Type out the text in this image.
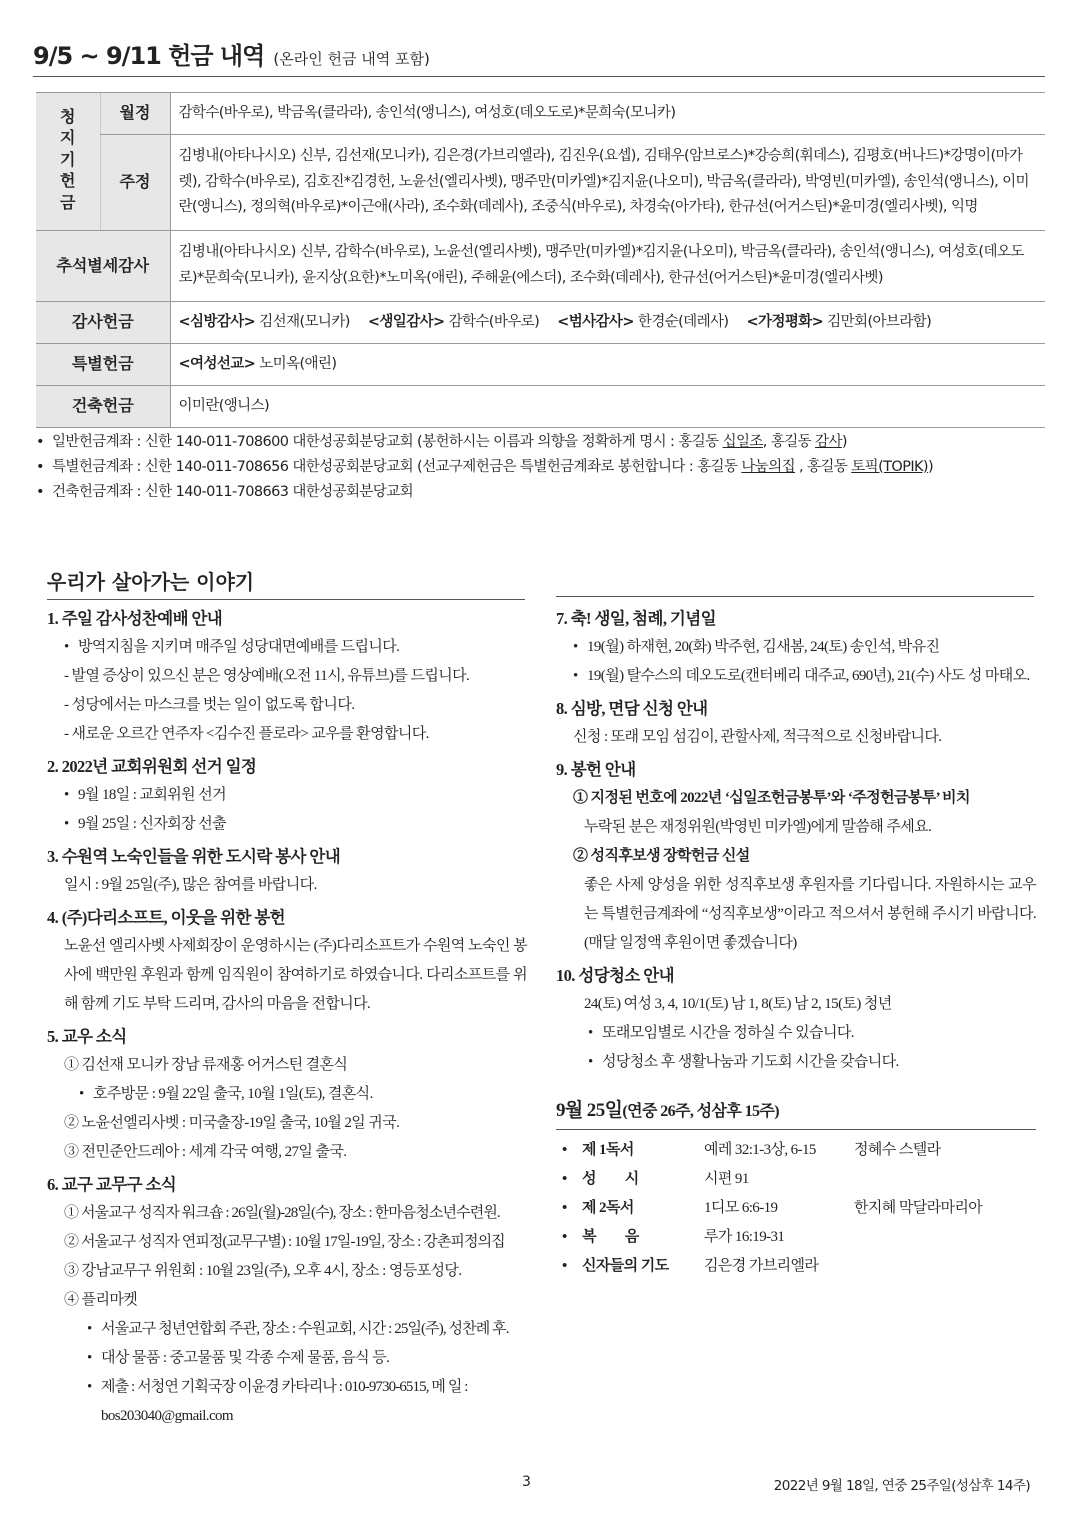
9/5 ~ 9/11 헌금 내역 (온라인 헌금 내역 포함)
청지기헌금	월정	감학수(바우로), 박금옥(클라라), 송인석(앵니스), 여성호(데오도로)*문희숙(모니카)
	주정	김병내(아타나시오) 신부, 김선재(모니카), 김은경(가브리엘라), 김진우(요셉), 김태우(암브로스)*강승희(휘데스), 김평호(버나드)*강명이(마가렛), 감학수(바우로), 김호진*김경헌, 노윤선(엘리사벳), 맹주만(미카엘)*김지윤(나오미), 박금옥(클라라), 박영빈(미카엘), 송인석(앵니스), 이미란(앵니스), 정의혁(바우로)*이근애(사라), 조수화(데레사), 조중식(바우로), 차경숙(아가타), 한규선(어거스틴)*윤미경(엘리사벳), 익명
추석별세감사		김병내(아타나시오) 신부, 감학수(바우로), 노윤선(엘리사벳), 맹주만(미카엘)*김지윤(나오미), 박금옥(클라라), 송인석(앵니스), 여성호(데오도로)*문희숙(모니카), 윤지상(요한)*노미옥(애린), 주해윤(에스더), 조수화(데레사), 한규선(어거스틴)*윤미경(엘리사벳)
감사헌금		<심방감사> 김선재(모니카) <생일감사> 감학수(바우로) <범사감사> 한경순(데레사) <가정평화> 김만회(아브라함)
특별헌금		<여성선교> 노미옥(애린)
건축헌금		이미란(앵니스)
• 일반헌금계좌 : 신한 140-011-708600 대한성공회분당교회 (봉헌하시는 이름과 의향을 정확하게 명시 : 홍길동 십일조, 홍길동 감사)
• 특별헌금계좌 : 신한 140-011-708656 대한성공회분당교회 (선교구제헌금은 특별헌금계좌로 봉헌합니다 : 홍길동 나눔의집 , 홍길동 토픽(TOPIK))
• 건축헌금계좌 : 신한 140-011-708663 대한성공회분당교회
우리가 살아가는 이야기
1. 주일 감사성찬예배 안내
• 방역지침을 지키며 매주일 성당대면예배를 드립니다.
- 발열 증상이 있으신 분은 영상예배(오전 11시, 유튜브)를 드립니다.
- 성당에서는 마스크를 벗는 일이 없도록 합니다.
- 새로운 오르간 연주자 <김수진 플로라> 교우를 환영합니다.
2. 2022년 교회위원회 선거 일정
• 9월 18일 : 교회위원 선거
• 9월 25일 : 신자회장 선출
3. 수원역 노숙인들을 위한 도시락 봉사 안내
일시 : 9월 25일(주), 많은 참여를 바랍니다.
4. (주)다리소프트, 이웃을 위한 봉헌
노윤선 엘리사벳 사제회장이 운영하시는 (주)다리소프트가 수원역 노숙인 봉사에 백만원 후원과 함께 임직원이 참여하기로 하였습니다. 다리소프트를 위해 함께 기도 부탁 드리며, 감사의 마음을 전합니다.
5. 교우 소식
① 김선재 모니카 장남 류재홍 어거스틴 결혼식
• 호주방문 : 9월 22일 출국, 10월 1일(토), 결혼식.
② 노윤선엘리사벳 : 미국출장-19일 출국, 10월 2일 귀국.
③ 전민준안드레아 : 세계 각국 여행, 27일 출국.
6. 교구 교무구 소식
① 서울교구 성직자 워크숍 : 26일(월)-28일(수), 장소 : 한마음청소년수련원.
② 서울교구 성직자 연피정(교무구별) : 10월 17일-19일, 장소 : 강촌피정의집
③ 강남교무구 위원회 : 10월 23일(주), 오후 4시, 장소 : 영등포성당.
④ 플리마켓
• 서울교구 청년연합회 주관, 장소 : 수원교회, 시간 : 25일(주), 성찬례 후.
• 대상 물품 : 중고물품 및 각종 수제 물품, 음식 등.
• 제출 : 서청연 기획국장 이윤경 카타리나 : 010-9730-6515, 메 일 :
bos203040@gmail.com
7. 축! 생일, 첨례, 기념일
• 19(월) 하재현, 20(화) 박주현, 김새봄, 24(토) 송인석, 박유진
• 19(월) 탈수스의 데오도로(캔터베리 대주교, 690년), 21(수) 사도 성 마태오.
8. 심방, 면담 신청 안내
신청 : 또래 모임 섬김이, 관할사제, 적극적으로 신청바랍니다.
9. 봉헌 안내
① 지정된 번호에 2022년 ‘십일조헌금봉투’와 ‘주정헌금봉투’ 비치
누락된 분은 재정위원(박영빈 미카엘)에게 말씀해 주세요.
② 성직후보생 장학헌금 신설
좋은 사제 양성을 위한 성직후보생 후원자를 기다립니다. 자원하시는 교우는 특별헌금계좌에 “성직후보생”이라고 적으셔서 봉헌해 주시기 바랍니다. (매달 일정액 후원이면 좋겠습니다)
10. 성당청소 안내
24(토) 여성 3, 4, 10/1(토) 남 1, 8(토) 남 2, 15(토) 청년
• 또래모임별로 시간을 정하실 수 있습니다.
• 성당청소 후 생활나눔과 기도회 시간을 갖습니다.
9월 25일(연중 26주, 성삼후 15주)
• 제 1독서	예레 32:1-3상, 6-15	정혜수 스텔라
• 성　　시	시편 91
• 제 2독서	1디모 6:6-19	한지혜 막달라마리아
• 복　　음	루가 16:19-31
• 신자들의 기도	김은경 가브리엘라
3	2022년 9월 18일, 연중 25주일(성삼후 14주)
